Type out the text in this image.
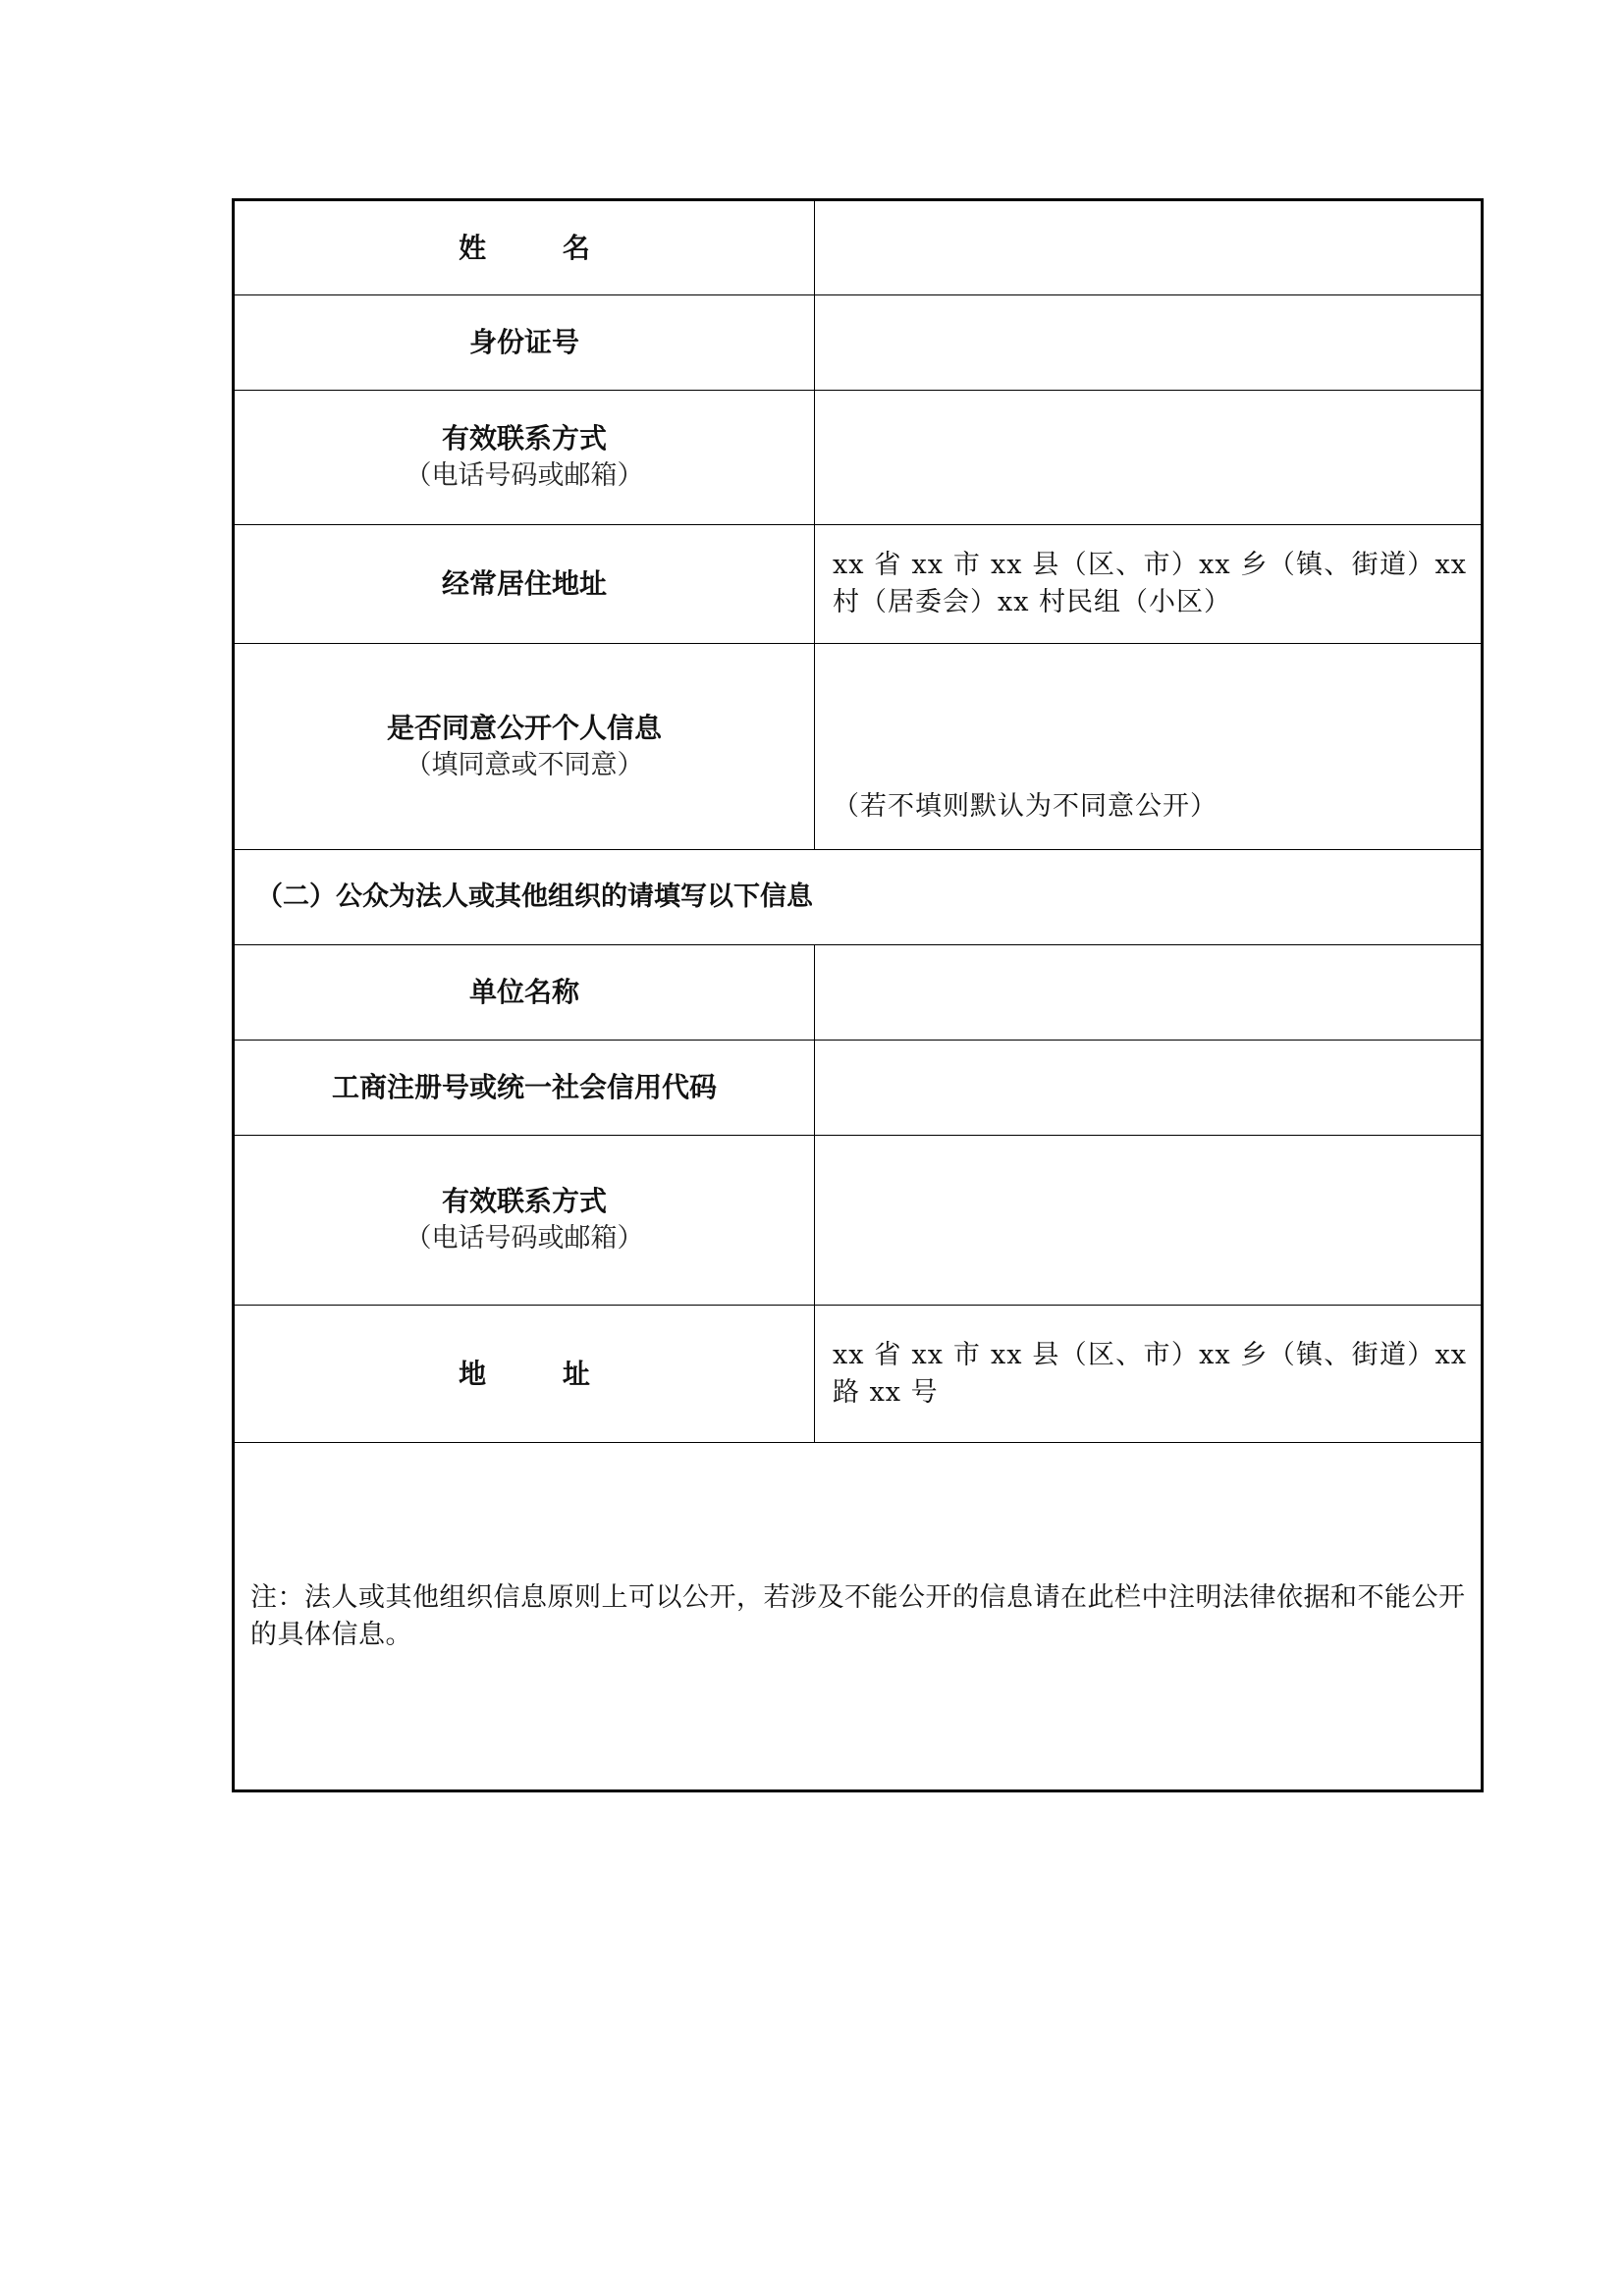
姓 名	

身份证号	

有效联系方式
（电话号码或邮箱）	

经常居住地址	xx 省 xx 市 xx 县（区、市）xx 乡（镇、街道）xx 村（居委会）xx 村民组（小区）

是否同意公开个人信息
（填同意或不同意）	（若不填则默认为不同意公开）

（二）公众为法人或其他组织的请填写以下信息	

单位名称	

工商注册号或统一社会信用代码	

有效联系方式
（电话号码或邮箱）	

地 址	xx 省 xx 市 xx 县（区、市）xx 乡（镇、街道）xx 路 xx 号

注：法人或其他组织信息原则上可以公开，若涉及不能公开的信息请在此栏中注明法律依据和不能公开的具体信息。	
